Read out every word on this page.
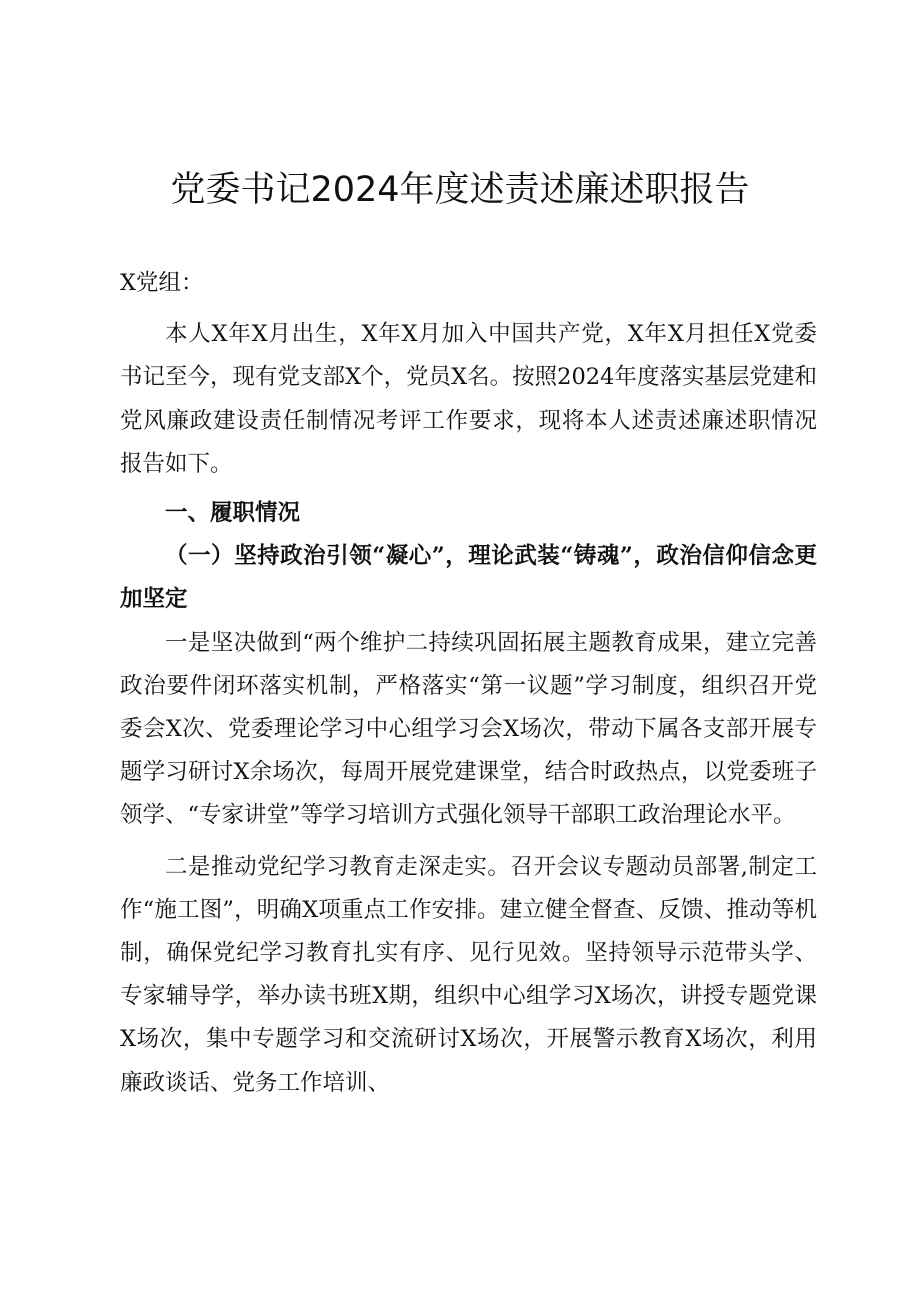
党委书记2024年度述责述廉述职报告

X党组：

本人X年X月出生，X年X月加入中国共产党，X年X月担任X党委书记至今，现有党支部X个，党员X名。按照2024年度落实基层党建和党风廉政建设责任制情况考评工作要求，现将本人述责述廉述职情况报告如下。

一、履职情况

（一）坚持政治引领“凝心”，理论武装“铸魂”，政治信仰信念更加坚定

一是坚决做到“两个维护二持续巩固拓展主题教育成果，建立完善政治要件闭环落实机制，严格落实“第一议题”学习制度，组织召开党委会X次、党委理论学习中心组学习会X场次，带动下属各支部开展专题学习研讨X余场次，每周开展党建课堂，结合时政热点，以党委班子领学、“专家讲堂”等学习培训方式强化领导干部职工政治理论水平。

二是推动党纪学习教育走深走实。召开会议专题动员部署,制定工作“施工图”，明确X项重点工作安排。建立健全督查、反馈、推动等机制，确保党纪学习教育扎实有序、见行见效。坚持领导示范带头学、专家辅导学，举办读书班X期，组织中心组学习X场次，讲授专题党课X场次，集中专题学习和交流研讨X场次，开展警示教育X场次，利用廉政谈话、党务工作培训、
